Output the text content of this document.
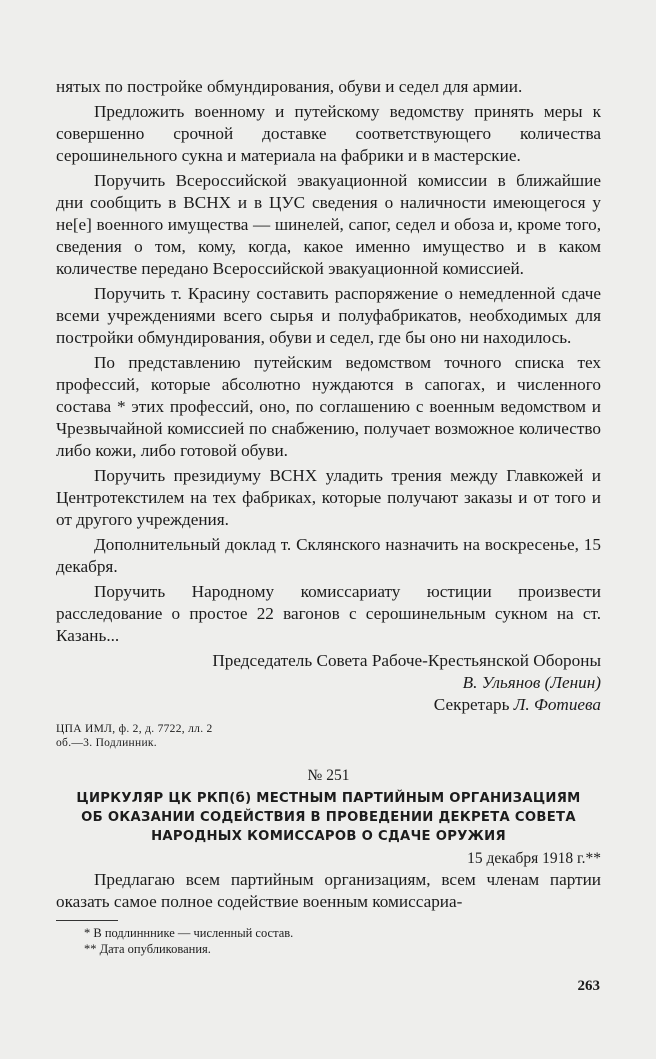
нятых по постройке обмундирования, обуви и седел для армии.

Предложить военному и путейскому ведомству принять меры к совершенно срочной доставке соответствующего количества серошинельного сукна и материала на фабрики и в мастерские.

Поручить Всероссийской эвакуационной комиссии в ближайшие дни сообщить в ВСНХ и в ЦУС сведения о наличности имеющегося у не[е] военного имущества — шинелей, сапог, седел и обоза и, кроме того, сведения о том, кому, когда, какое именно имущество и в каком количестве передано Всероссийской эвакуационной комиссией.

Поручить т. Красину составить распоряжение о немедленной сдаче всеми учреждениями всего сырья и полуфабрикатов, необходимых для постройки обмундирования, обуви и седел, где бы оно ни находилось.

По представлению путейским ведомством точного списка тех профессий, которые абсолютно нуждаются в сапогах, и численного состава * этих профессий, оно, по соглашению с военным ведомством и Чрезвычайной комиссией по снабжению, получает возможное количество либо кожи, либо готовой обуви.

Поручить президиуму ВСНХ уладить трения между Главкожей и Центротекстилем на тех фабриках, которые получают заказы и от того и от другого учреждения.

Дополнительный доклад т. Склянского назначить на воскресенье, 15 декабря.

Поручить Народному комиссариату юстиции произвести расследование о простое 22 вагонов с серошинельным сукном на ст. Казань...

Председатель Совета Рабоче-Крестьянской Обороны
В. Ульянов (Ленин)
Секретарь Л. Фотиева
ЦПА ИМЛ, ф. 2, д. 7722, лл. 2
об.—3. Подлинник.
№ 251
ЦИРКУЛЯР ЦК РКП(б) МЕСТНЫМ ПАРТИЙНЫМ ОРГАНИЗАЦИЯМ
ОБ ОКАЗАНИИ СОДЕЙСТВИЯ В ПРОВЕДЕНИИ ДЕКРЕТА СОВЕТА
НАРОДНЫХ КОМИССАРОВ О СДАЧЕ ОРУЖИЯ
15 декабря 1918 г.**

Предлагаю всем партийным организациям, всем членам партии оказать самое полное содействие военным комиссариа-

* В подлинннике — численный состав.
** Дата опубликования.
263
